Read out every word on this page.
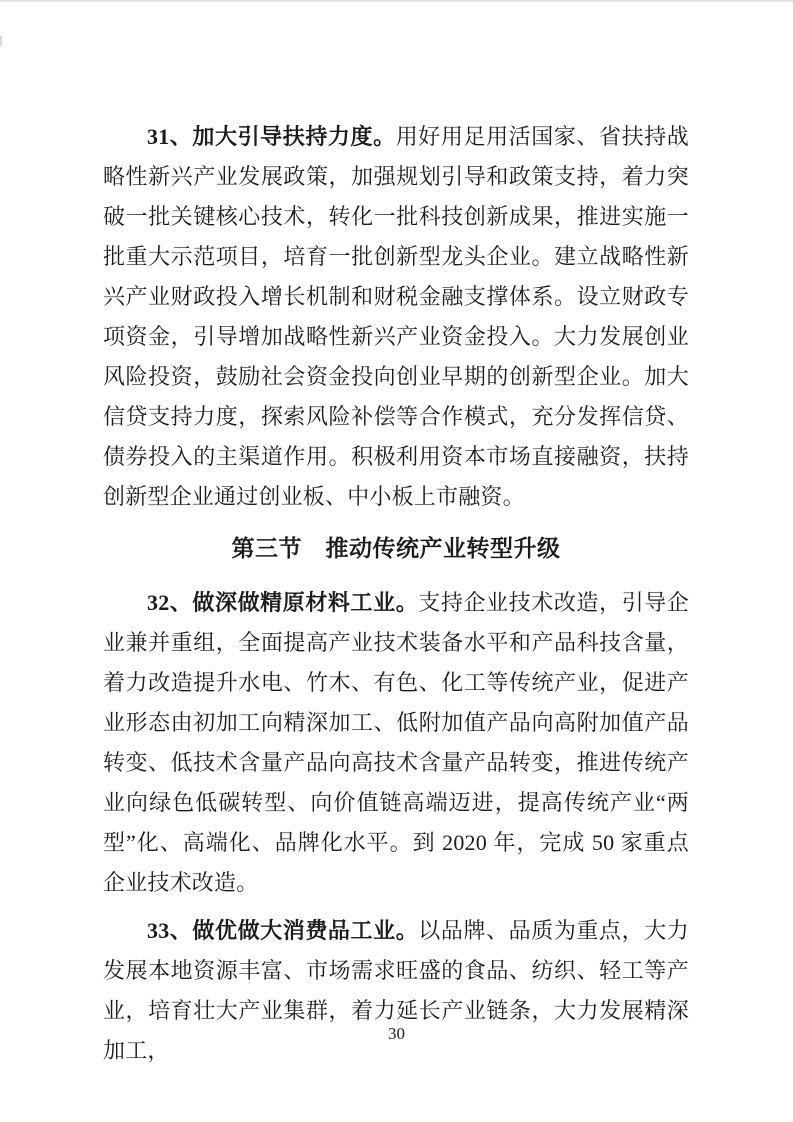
31、加大引导扶持力度。用好用足用活国家、省扶持战略性新兴产业发展政策，加强规划引导和政策支持，着力突破一批关键核心技术，转化一批科技创新成果，推进实施一批重大示范项目，培育一批创新型龙头企业。建立战略性新兴产业财政投入增长机制和财税金融支撑体系。设立财政专项资金，引导增加战略性新兴产业资金投入。大力发展创业风险投资，鼓励社会资金投向创业早期的创新型企业。加大信贷支持力度，探索风险补偿等合作模式，充分发挥信贷、债券投入的主渠道作用。积极利用资本市场直接融资，扶持创新型企业通过创业板、中小板上市融资。

第三节　推动传统产业转型升级

32、做深做精原材料工业。支持企业技术改造，引导企业兼并重组，全面提高产业技术装备水平和产品科技含量，着力改造提升水电、竹木、有色、化工等传统产业，促进产业形态由初加工向精深加工、低附加值产品向高附加值产品转变、低技术含量产品向高技术含量产品转变，推进传统产业向绿色低碳转型、向价值链高端迈进，提高传统产业“两型”化、高端化、品牌化水平。到 2020 年，完成 50 家重点企业技术改造。

33、做优做大消费品工业。以品牌、品质为重点，大力发展本地资源丰富、市场需求旺盛的食品、纺织、轻工等产业，培育壮大产业集群，着力延长产业链条，大力发展精深加工，

30
